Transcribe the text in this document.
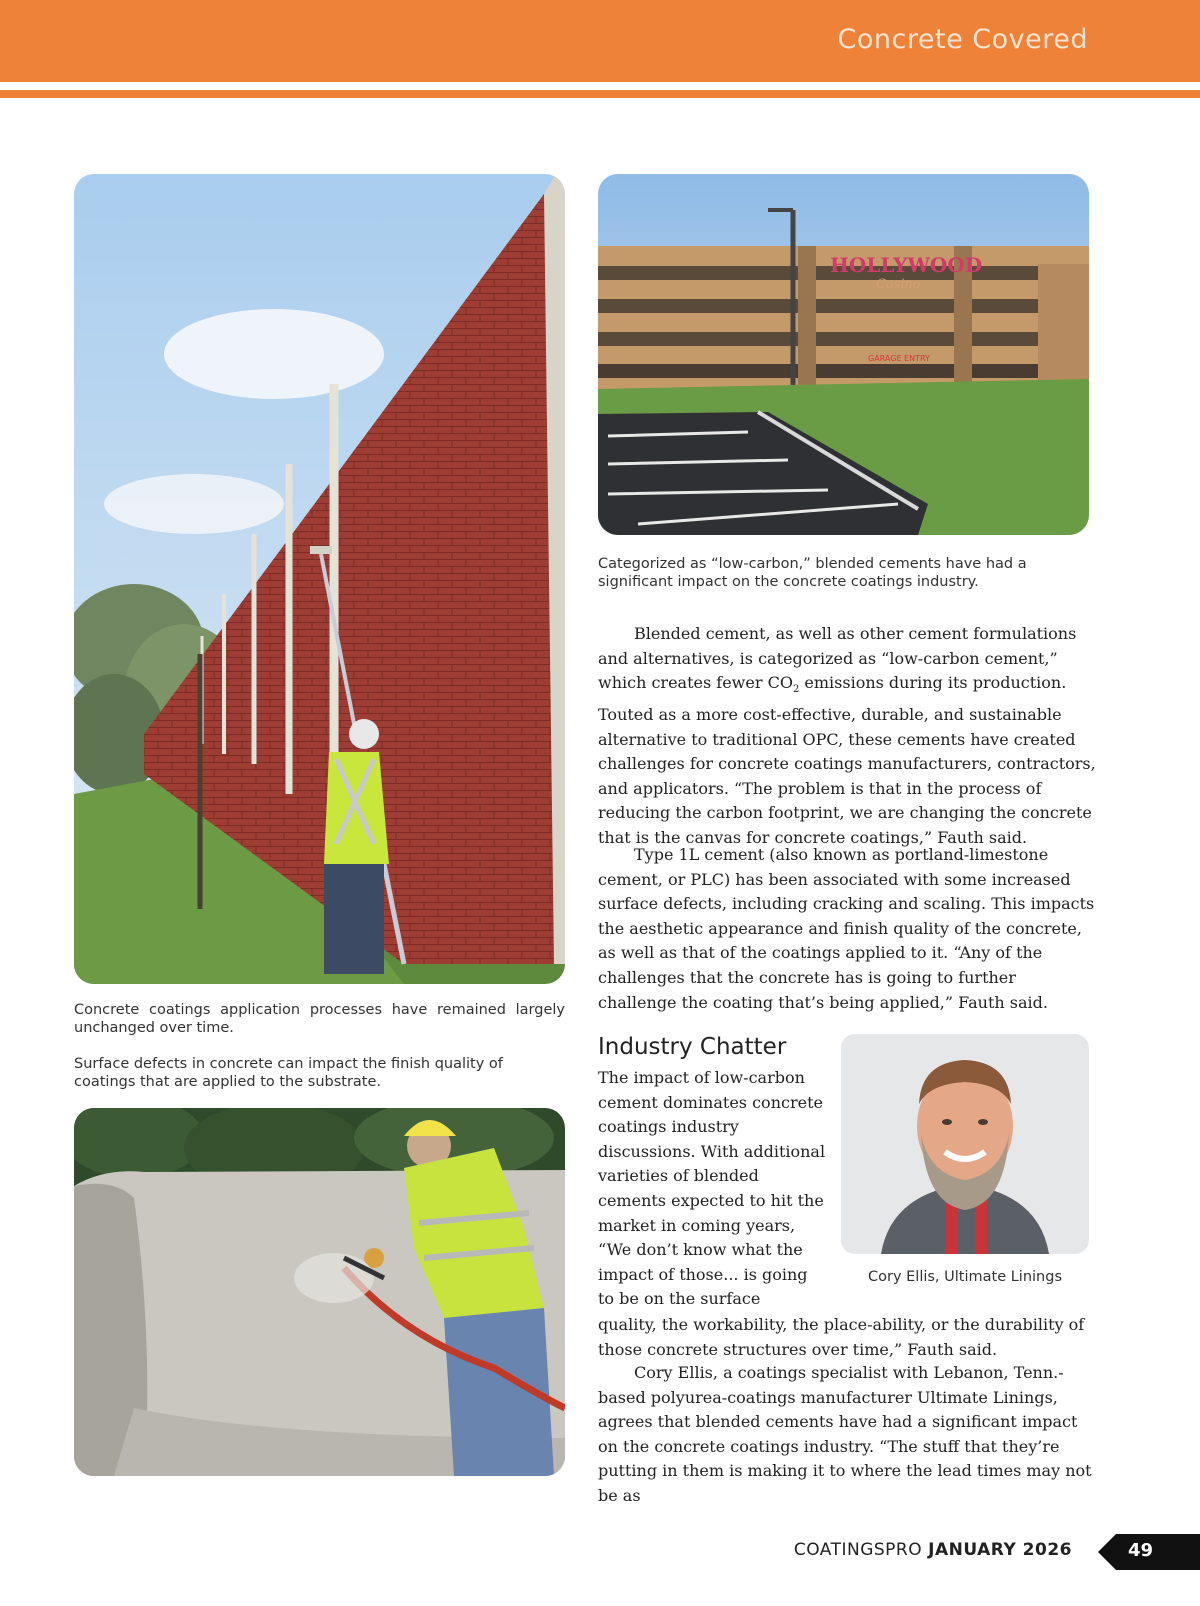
Concrete Covered
HOLLYWOOD
Casino
GARAGE ENTRY
Categorized as “low-carbon,” blended cements have had a significant impact on the concrete coatings industry.

Blended cement, as well as other cement formulations and alternatives, is categorized as “low-carbon cement,” which creates fewer $CO_2$ emissions during its production. Touted as a more cost-effective, durable, and sustainable alternative to traditional OPC, these cements have created challenges for concrete coatings manufacturers, contractors, and applicators. “The problem is that in the process of reducing the carbon footprint, we are changing the concrete that is the canvas for concrete coatings,” Fauth said.

Type 1L cement (also known as portland-limestone cement, or PLC) has been associated with some increased surface defects, including cracking and scaling. This impacts the aesthetic appearance and finish quality of the concrete, as well as that of the coatings applied to it. “Any of the challenges that the concrete has is going to further challenge the coating that’s being applied,” Fauth said.

Concrete coatings application processes have remained largely unchanged over time.
Surface defects in concrete can impact the finish quality of coatings that are applied to the substrate.
Industry Chatter

The impact of low-carbon cement dominates concrete coatings industry discussions. With additional varieties of blended cements expected to hit the market in coming years, “We don’t know what the impact of those... is going to be on the surface

quality, the workability, the place-ability, or the durability of those concrete structures over time,” Fauth said.

Cory Ellis, a coatings specialist with Lebanon, Tenn.-based polyurea-coatings manufacturer Ultimate Linings, agrees that blended cements have had a significant impact on the concrete coatings industry. “The stuff that they’re putting in them is making it to where the lead times may not be as

Cory Ellis, Ultimate Linings
COATINGSPRO JANUARY 2026	49
